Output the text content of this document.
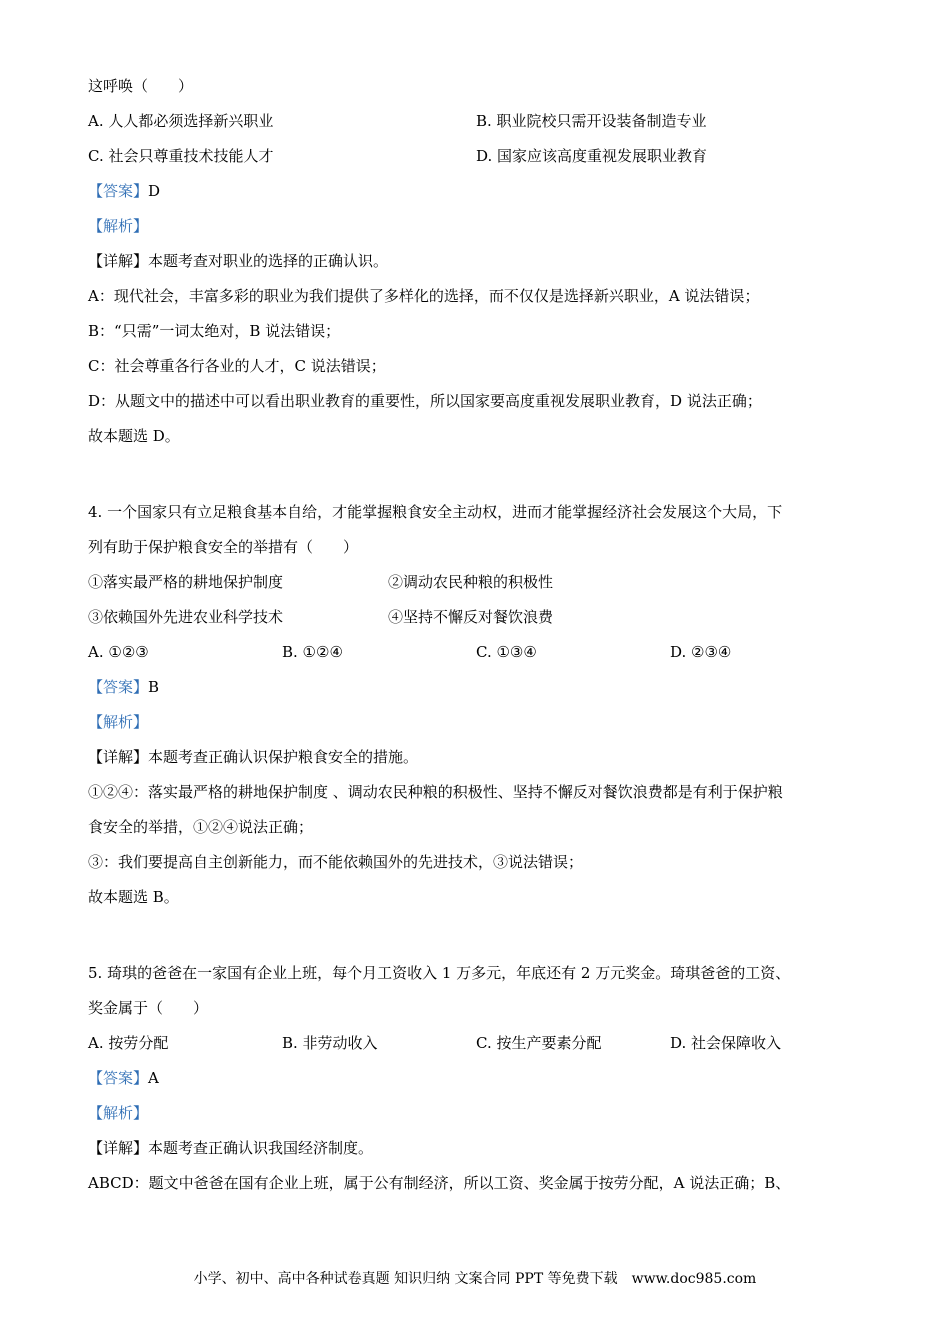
这呼唤（　　）
A. 人人都必须选择新兴职业	B. 职业院校只需开设装备制造专业
C. 社会只尊重技术技能人才	D. 国家应该高度重视发展职业教育
【答案】D
【解析】
【详解】本题考查对职业的选择的正确认识。
A：现代社会，丰富多彩的职业为我们提供了多样化的选择，而不仅仅是选择新兴职业，A 说法错误；
B：“只需”一词太绝对，B 说法错误；
C：社会尊重各行各业的人才，C 说法错误；
D：从题文中的描述中可以看出职业教育的重要性，所以国家要高度重视发展职业教育，D 说法正确；
故本题选 D。
4. 一个国家只有立足粮食基本自给，才能掌握粮食安全主动权，进而才能掌握经济社会发展这个大局，下
列有助于保护粮食安全的举措有（　　）
①落实最严格的耕地保护制度	②调动农民种粮的积极性
③依赖国外先进农业科学技术	④坚持不懈反对餐饮浪费
A. ①②③	B. ①②④	C. ①③④	D. ②③④
【答案】B
【解析】
【详解】本题考查正确认识保护粮食安全的措施。
①②④：落实最严格的耕地保护制度 、调动农民种粮的积极性、坚持不懈反对餐饮浪费都是有利于保护粮
食安全的举措，①②④说法正确；
③：我们要提高自主创新能力，而不能依赖国外的先进技术，③说法错误；
故本题选 B。
5. 琦琪的爸爸在一家国有企业上班，每个月工资收入 1 万多元，年底还有 2 万元奖金。琦琪爸爸的工资、
奖金属于（　　）
A. 按劳分配	B. 非劳动收入	C. 按生产要素分配	D. 社会保障收入
【答案】A
【解析】
【详解】本题考查正确认识我国经济制度。
ABCD：题文中爸爸在国有企业上班，属于公有制经济，所以工资、奖金属于按劳分配，A 说法正确；B、
小学、初中、高中各种试卷真题 知识归纳 文案合同 PPT 等免费下载　www.doc985.com
